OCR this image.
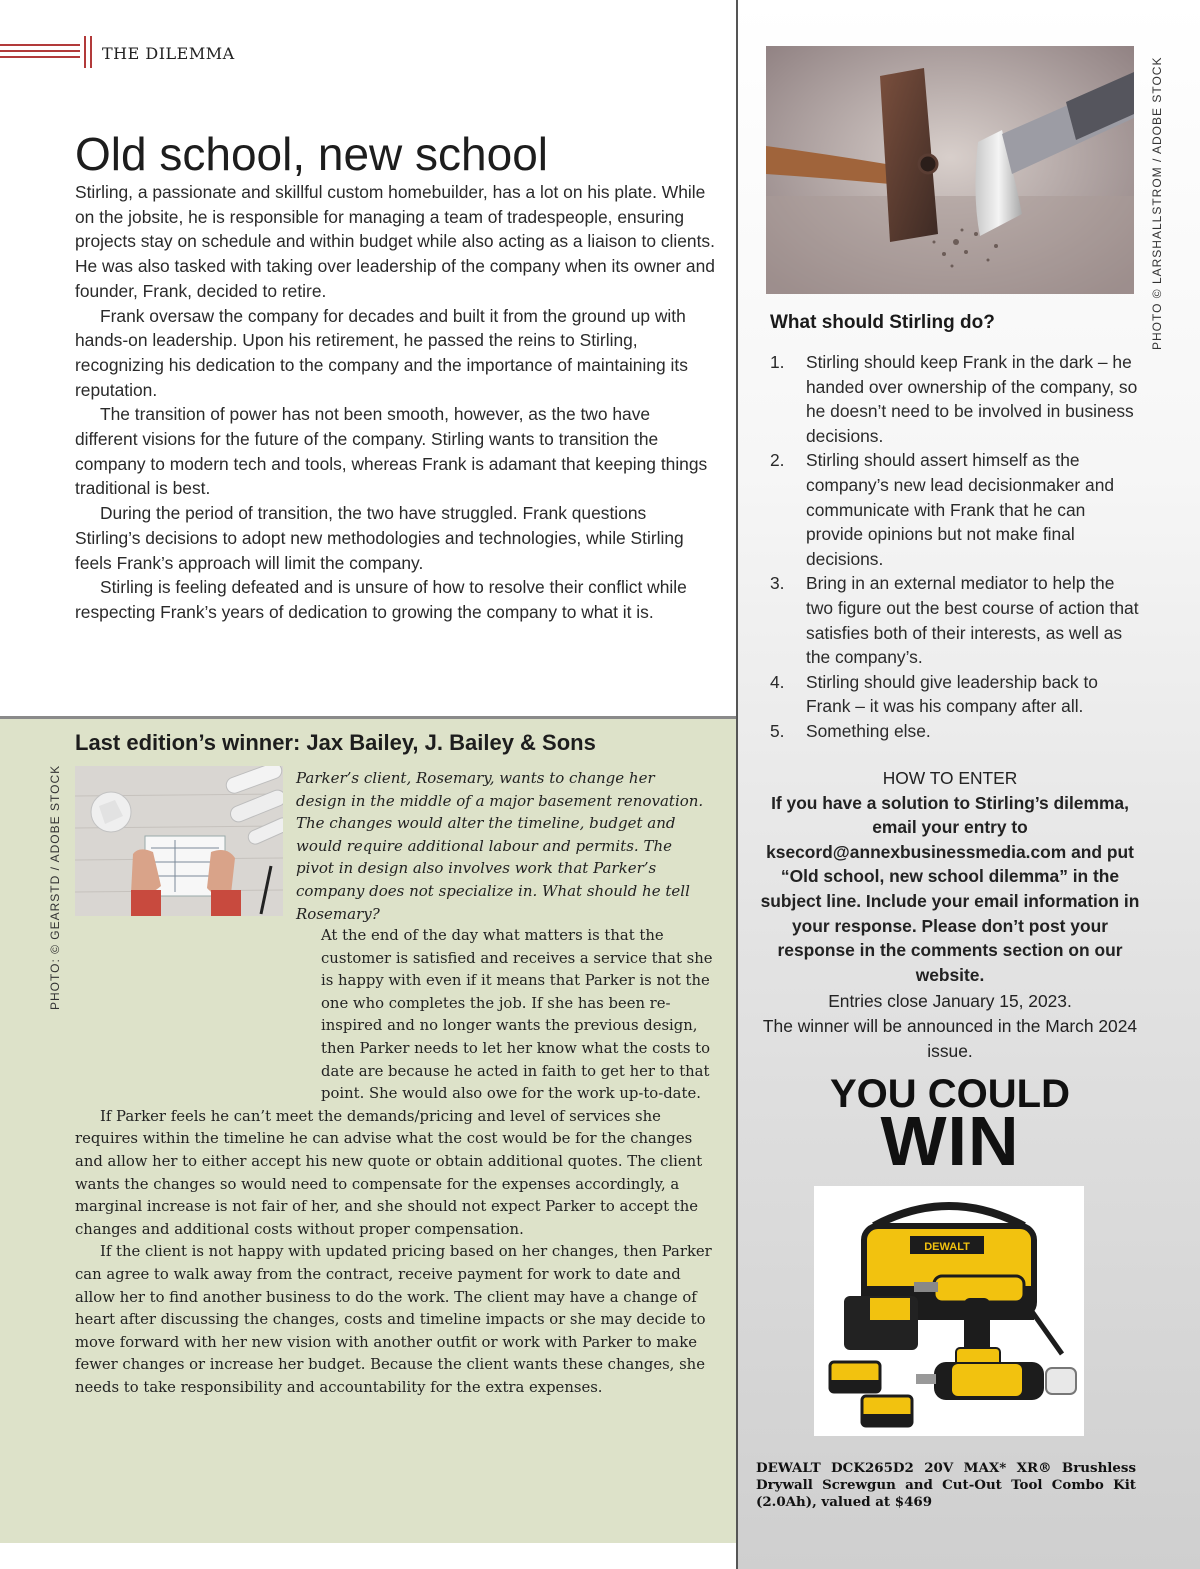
THE DILEMMA
Old school, new school

Stirling, a passionate and skillful custom homebuilder, has a lot on his plate. While on the jobsite, he is responsible for managing a team of tradespeople, ensuring projects stay on schedule and within budget while also acting as a liaison to clients. He was also tasked with taking over leadership of the company when its owner and founder, Frank, decided to retire.

Frank oversaw the company for decades and built it from the ground up with hands-on leadership. Upon his retirement, he passed the reins to Stirling, recognizing his dedication to the company and the importance of maintaining its reputation.

The transition of power has not been smooth, however, as the two have different visions for the future of the company. Stirling wants to transition the company to modern tech and tools, whereas Frank is adamant that keeping things traditional is best.

During the period of transition, the two have struggled. Frank questions Stirling’s decisions to adopt new methodologies and technologies, while Stirling feels Frank’s approach will limit the company.

Stirling is feeling defeated and is unsure of how to resolve their conflict while respecting Frank’s years of dedication to growing the company to what it is.

PHOTO © LARSHALLSTROM / ADOBE STOCK
What should Stirling do?
1.	Stirling should keep Frank in the dark – he handed over ownership of the company, so he doesn’t need to be involved in business decisions.
2.	Stirling should assert himself as the company’s new lead decisionmaker and communicate with Frank that he can provide opinions but not make final decisions.
3.	Bring in an external mediator to help the two figure out the best course of action that satisfies both of their interests, as well as the company’s.
4.	Stirling should give leadership back to Frank – it was his company after all.
5.	Something else.
HOW TO ENTER
If you have a solution to Stirling’s dilemma, email your entry to ksecord@annexbusinessmedia.com and put “Old school, new school dilemma” in the subject line. Include your email information in your response. Please don’t post your response in the comments section on our website.
Entries close January 15, 2023.
The winner will be announced in the March 2024 issue.
YOU COULD
WIN
DEWALT
DEWALT DCK265D2 20V MAX* XR® Brushless Drywall Screwgun and Cut-Out Tool Combo Kit (2.0Ah), valued at $469
Last edition’s winner: Jax Bailey, J. Bailey & Sons
PHOTO: © GEARSTD / ADOBE STOCK	Parker’s client, Rosemary, wants to change her design in the middle of a major basement renovation. The changes would alter the timeline, budget and would require additional labour and permits. The pivot in design also involves work that Parker’s company does not specialize in. What should he tell Rosemary?

At the end of the day what matters is that the customer is satisfied and receives a service that she is happy with even if it means that Parker is not the one who completes the job. If she has been re-inspired and no longer wants the previous design, then Parker needs to let her know what the costs to date are because he acted in faith to get her to that point. She would also owe for the work up-to-date.

If Parker feels he can’t meet the demands/pricing and level of services she requires within the timeline he can advise what the cost would be for the changes and allow her to either accept his new quote or obtain additional quotes. The client wants the changes so would need to compensate for the expenses accordingly, a marginal increase is not fair of her, and she should not expect Parker to accept the changes and additional costs without proper compensation.

If the client is not happy with updated pricing based on her changes, then Parker can agree to walk away from the contract, receive payment for work to date and allow her to find another business to do the work. The client may have a change of heart after discussing the changes, costs and timeline impacts or she may decide to move forward with her new vision with another outfit or work with Parker to make fewer changes or increase her budget. Because the client wants these changes, she needs to take responsibility and accountability for the extra expenses.
